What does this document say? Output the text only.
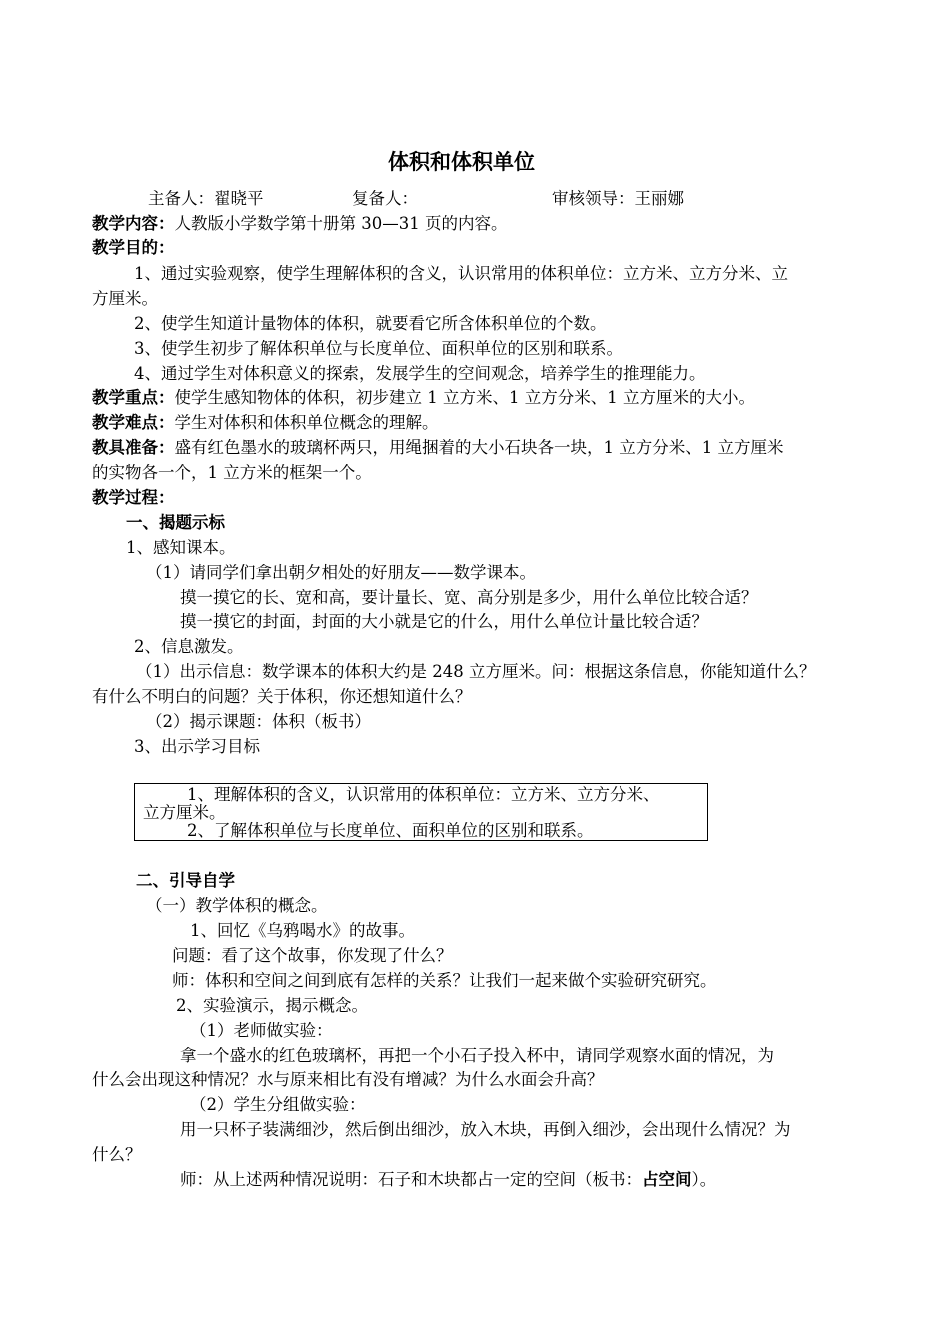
体积和体积单位
主备人：翟晓平	复备人：	审核领导：王丽娜
教学内容：人教版小学数学第十册第 30—31 页的内容。
教学目的：
1、通过实验观察，使学生理解体积的含义，认识常用的体积单位：立方米、立方分米、立
方厘米。
2、使学生知道计量物体的体积，就要看它所含体积单位的个数。
3、使学生初步了解体积单位与长度单位、面积单位的区别和联系。
4、通过学生对体积意义的探索，发展学生的空间观念，培养学生的推理能力。
教学重点：使学生感知物体的体积，初步建立 1 立方米、1 立方分米、1 立方厘米的大小。
教学难点：学生对体积和体积单位概念的理解。
教具准备：盛有红色墨水的玻璃杯两只，用绳捆着的大小石块各一块，1 立方分米、1 立方厘米
的实物各一个，1 立方米的框架一个。
教学过程：
一、揭题示标
1、感知课本。
（1）请同学们拿出朝夕相处的好朋友——数学课本。
摸一摸它的长、宽和高，要计量长、宽、高分别是多少，用什么单位比较合适？
摸一摸它的封面，封面的大小就是它的什么，用什么单位计量比较合适？
2、信息激发。
（1）出示信息：数学课本的体积大约是 248 立方厘米。问：根据这条信息，你能知道什么？
有什么不明白的问题？关于体积，你还想知道什么？
（2）揭示课题：体积（板书）
3、出示学习目标
1、理解体积的含义，认识常用的体积单位：立方米、立方分米、
立方厘米。
2、了解体积单位与长度单位、面积单位的区别和联系。
二、引导自学
（一）教学体积的概念。
1、回忆《乌鸦喝水》的故事。
问题：看了这个故事，你发现了什么？
师：体积和空间之间到底有怎样的关系？让我们一起来做个实验研究研究。
2、实验演示，揭示概念。
（1）老师做实验：
拿一个盛水的红色玻璃杯，再把一个小石子投入杯中，请同学观察水面的情况，为
什么会出现这种情况？水与原来相比有没有增减？为什么水面会升高？
（2）学生分组做实验：
用一只杯子装满细沙，然后倒出细沙，放入木块，再倒入细沙，会出现什么情况？为
什么？
师：从上述两种情况说明：石子和木块都占一定的空间（板书：占空间）。
